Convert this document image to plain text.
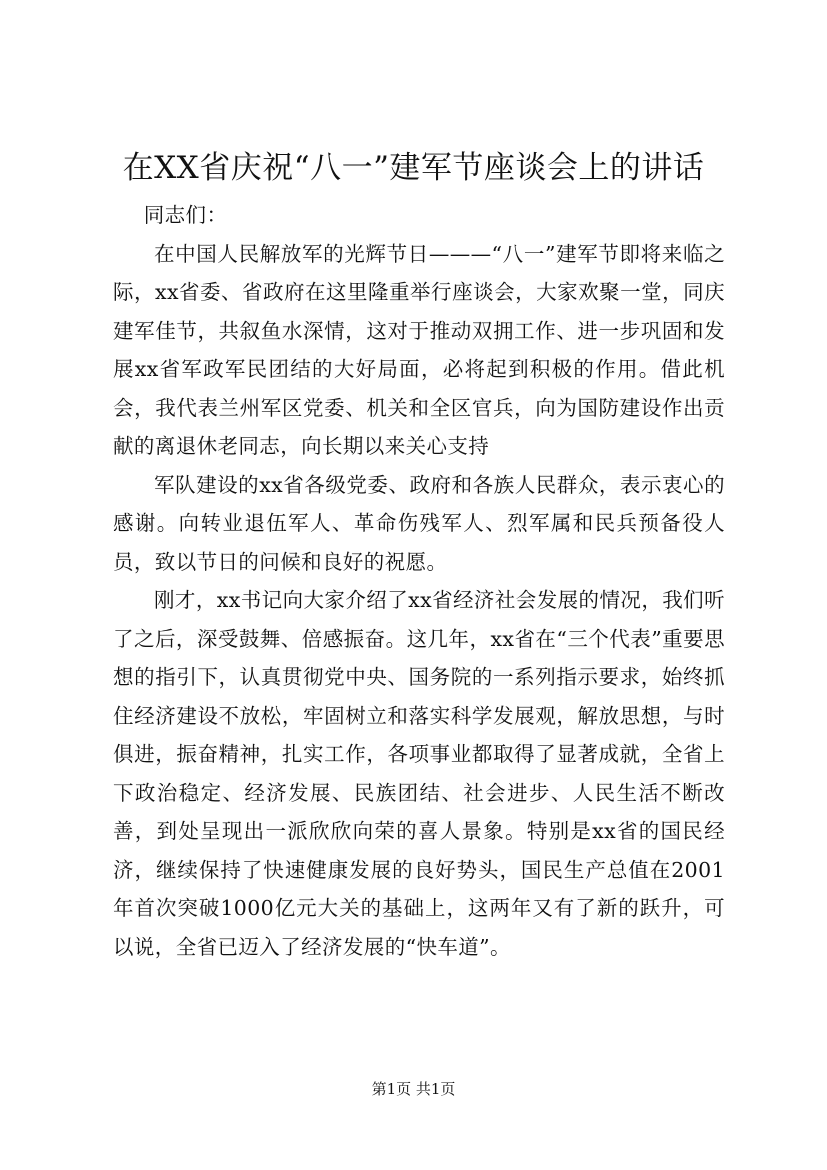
在XX省庆祝“八一”建军节座谈会上的讲话

同志们：

在中国人民解放军的光辉节日———“八一”建军节即将来临之际，xx省委、省政府在这里隆重举行座谈会，大家欢聚一堂，同庆建军佳节，共叙鱼水深情，这对于推动双拥工作、进一步巩固和发展xx省军政军民团结的大好局面，必将起到积极的作用。借此机会，我代表兰州军区党委、机关和全区官兵，向为国防建设作出贡献的离退休老同志，向长期以来关心支持

军队建设的xx省各级党委、政府和各族人民群众，表示衷心的感谢。向转业退伍军人、革命伤残军人、烈军属和民兵预备役人员，致以节日的问候和良好的祝愿。

刚才，xx书记向大家介绍了xx省经济社会发展的情况，我们听了之后，深受鼓舞、倍感振奋。这几年，xx省在“三个代表”重要思想的指引下，认真贯彻党中央、国务院的一系列指示要求，始终抓住经济建设不放松，牢固树立和落实科学发展观，解放思想，与时俱进，振奋精神，扎实工作，各项事业都取得了显著成就，全省上下政治稳定、经济发展、民族团结、社会进步、人民生活不断改善，到处呈现出一派欣欣向荣的喜人景象。特别是xx省的国民经济，继续保持了快速健康发展的良好势头，国民生产总值在2001年首次突破1000亿元大关的基础上，这两年又有了新的跃升，可以说，全省已迈入了经济发展的“快车道”。

第1页 共1页
